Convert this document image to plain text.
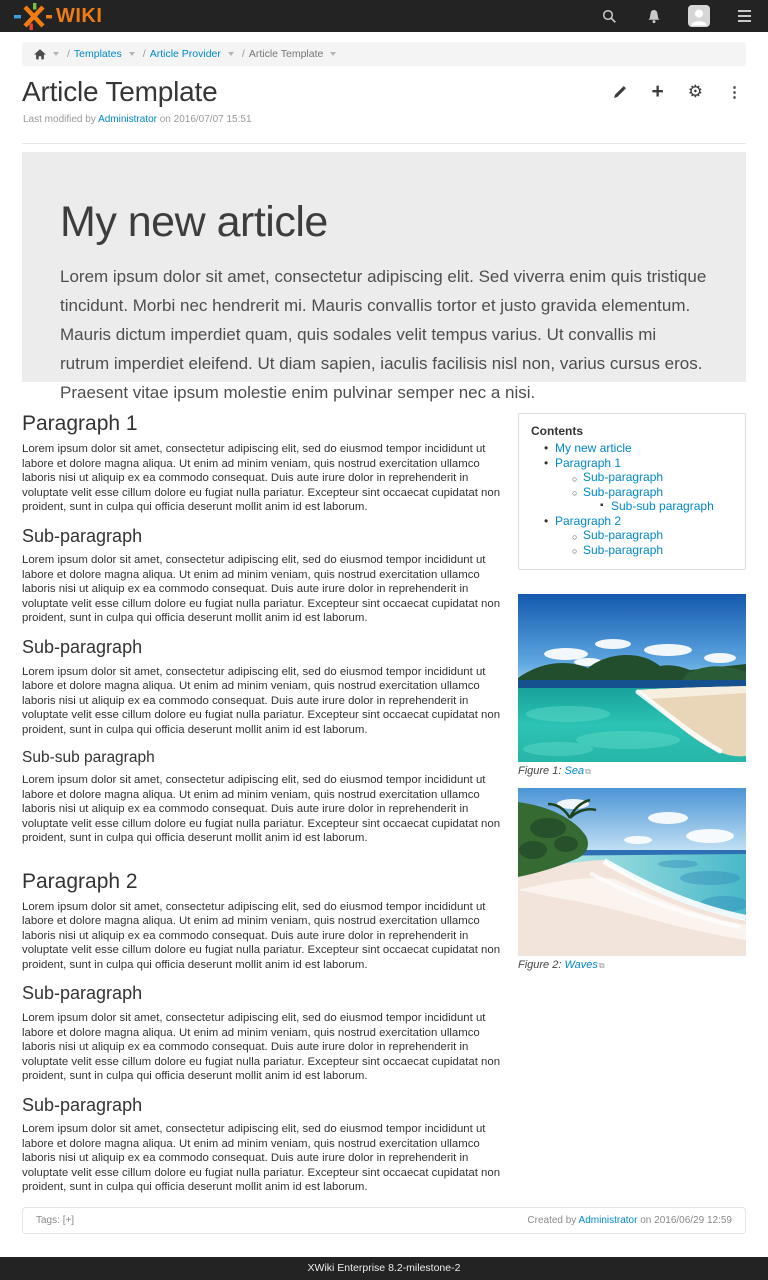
WIKI
/ Templates / Article Provider / Article Template
Article Template	+ ⚙ ⋮
Last modified by Administrator on 2016/07/07 15:51
My new article

Lorem ipsum dolor sit amet, consectetur adipiscing elit. Sed viverra enim quis tristique tincidunt. Morbi nec hendrerit mi. Mauris convallis tortor et justo gravida elementum. Mauris dictum imperdiet quam, quis sodales velit tempus varius. Ut convallis mi rutrum imperdiet eleifend. Ut diam sapien, iaculis facilisis nisl non, varius cursus eros. Praesent vitae ipsum molestie enim pulvinar semper nec a nisi.

Paragraph 1

Lorem ipsum dolor sit amet, consectetur adipiscing elit, sed do eiusmod tempor incididunt ut labore et dolore magna aliqua. Ut enim ad minim veniam, quis nostrud exercitation ullamco laboris nisi ut aliquip ex ea commodo consequat. Duis aute irure dolor in reprehenderit in voluptate velit esse cillum dolore eu fugiat nulla pariatur. Excepteur sint occaecat cupidatat non proident, sunt in culpa qui officia deserunt mollit anim id est laborum.

Sub-paragraph

Lorem ipsum dolor sit amet, consectetur adipiscing elit, sed do eiusmod tempor incididunt ut labore et dolore magna aliqua. Ut enim ad minim veniam, quis nostrud exercitation ullamco laboris nisi ut aliquip ex ea commodo consequat. Duis aute irure dolor in reprehenderit in voluptate velit esse cillum dolore eu fugiat nulla pariatur. Excepteur sint occaecat cupidatat non proident, sunt in culpa qui officia deserunt mollit anim id est laborum.

Sub-paragraph

Lorem ipsum dolor sit amet, consectetur adipiscing elit, sed do eiusmod tempor incididunt ut labore et dolore magna aliqua. Ut enim ad minim veniam, quis nostrud exercitation ullamco laboris nisi ut aliquip ex ea commodo consequat. Duis aute irure dolor in reprehenderit in voluptate velit esse cillum dolore eu fugiat nulla pariatur. Excepteur sint occaecat cupidatat non proident, sunt in culpa qui officia deserunt mollit anim id est laborum.

Sub-sub paragraph

Lorem ipsum dolor sit amet, consectetur adipiscing elit, sed do eiusmod tempor incididunt ut labore et dolore magna aliqua. Ut enim ad minim veniam, quis nostrud exercitation ullamco laboris nisi ut aliquip ex ea commodo consequat. Duis aute irure dolor in reprehenderit in voluptate velit esse cillum dolore eu fugiat nulla pariatur. Excepteur sint occaecat cupidatat non proident, sunt in culpa qui officia deserunt mollit anim id est laborum.

Paragraph 2

Lorem ipsum dolor sit amet, consectetur adipiscing elit, sed do eiusmod tempor incididunt ut labore et dolore magna aliqua. Ut enim ad minim veniam, quis nostrud exercitation ullamco laboris nisi ut aliquip ex ea commodo consequat. Duis aute irure dolor in reprehenderit in voluptate velit esse cillum dolore eu fugiat nulla pariatur. Excepteur sint occaecat cupidatat non proident, sunt in culpa qui officia deserunt mollit anim id est laborum.

Sub-paragraph

Lorem ipsum dolor sit amet, consectetur adipiscing elit, sed do eiusmod tempor incididunt ut labore et dolore magna aliqua. Ut enim ad minim veniam, quis nostrud exercitation ullamco laboris nisi ut aliquip ex ea commodo consequat. Duis aute irure dolor in reprehenderit in voluptate velit esse cillum dolore eu fugiat nulla pariatur. Excepteur sint occaecat cupidatat non proident, sunt in culpa qui officia deserunt mollit anim id est laborum.

Sub-paragraph

Lorem ipsum dolor sit amet, consectetur adipiscing elit, sed do eiusmod tempor incididunt ut labore et dolore magna aliqua. Ut enim ad minim veniam, quis nostrud exercitation ullamco laboris nisi ut aliquip ex ea commodo consequat. Duis aute irure dolor in reprehenderit in voluptate velit esse cillum dolore eu fugiat nulla pariatur. Excepteur sint occaecat cupidatat non proident, sunt in culpa qui officia deserunt mollit anim id est laborum.

Contents
• My new article
• Paragraph 1
○ Sub-paragraph
○ Sub-paragraph
▪ Sub-sub paragraph
• Paragraph 2
○ Sub-paragraph
○ Sub-paragraph
Figure 1: Sea⧉
Figure 2: Waves⧉
Tags: [+]	Created by Administrator on 2016/06/29 12:59
XWiki Enterprise 8.2-milestone-2
